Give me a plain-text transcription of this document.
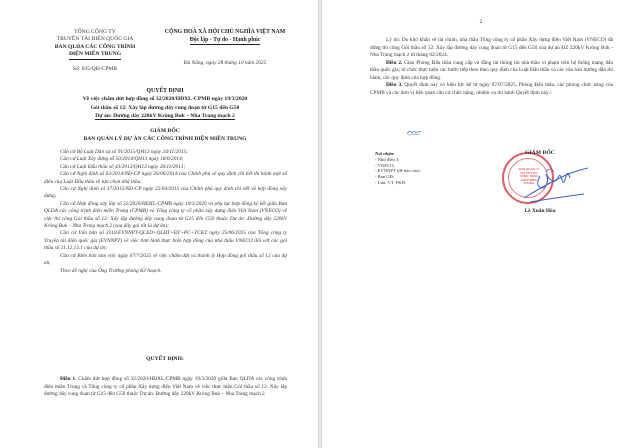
TỔNG CÔNG TY
TRUYỀN TẢI ĐIỆN QUỐC GIA
BAN QLDA CÁC CÔNG TRÌNH
ĐIỆN MIỀN TRUNG
Số: 835/QĐ-CPMB
CỘNG HOÀ XÃ HỘI CHỦ NGHĨA VIỆT NAM
Độc lập - Tự do - Hạnh phúc
Đà Nẵng, ngày 28 tháng 10 năm 2025
QUYẾT ĐỊNH
Về việc chấm dứt hợp đồng số 32/2020/HĐXL-CPMB ngày 19/3/2020
Gói thầu số 12: Xây lắp đường dây cung đoạn từ G15 đến G50
Dự án: Đường dây 220kV Krông Buk – Nha Trang mạch 2
GIÁM ĐỐC
BAN QUẢN LÝ DỰ ÁN CÁC CÔNG TRÌNH ĐIỆN MIỀN TRUNG

Căn cứ Bộ Luật Dân sự số 91/2015/QH13 ngày 24/11/2015;

Căn cứ Luật Xây dựng số 50/2014/QH13 ngày 18/6/2014;

Căn cứ Luật Đấu thầu số 43/2013/QH13 ngày 26/11/2013;

Căn cứ Nghị định số 63/2014/NĐ-CP ngày 26/06/2014 của Chính phủ về quy định chi tiết thi hành một số điều của Luật Đấu thầu về lựa chọn nhà thầu;

Căn cứ Nghị định số 37/2015/NĐ-CP ngày 22/04/2015 của Chính phủ quy định chi tiết về hợp đồng xây dựng;

Căn cứ Hợp đồng xây lắp số 32/2020/HĐXL-CPMB ngày 19/3/2020 và phụ lục hợp đồng ký kết giữa Ban QLDA các công trình điện miền Trung (CPMB) và Tổng công ty cổ phần xây dựng điện Việt Nam (VNECO) về việc thi công Gói thầu số 12: Xây lắp đường dây cung đoạn từ G15 đến G50 thuộc Dự án: Đường dây 220kV Krông Buk – Nha Trang mạch 2 (sau đây gọi tắt là dự án);

Căn cứ Văn bản số 3310/EVNNPT-QLXD+QLĐT+ĐT+PC+TCKT ngày 25/06/2025 của Tổng công ty Truyền tải điện quốc gia (EVNNPT) về việc tình hình thực hiện hợp đồng của nhà thầu VNECO đối với các gói thầu số 11,12,13.1 của dự án;

Căn cứ Biên bản làm việc ngày 07/7/2025 về việc chấm dứt và thanh lý Hợp đồng gói thầu số 12 của dự án;

Theo đề nghị của Ông Trưởng phòng Kế hoạch.

QUYẾT ĐỊNH:
Điều 1. Chấm dứt hợp đồng số 32/2020/HĐXL-CPMB ngày 19/3/2020 giữa Ban QLDA các công trình điện miền Trung và Tổng công ty cổ phần Xây dựng điện Việt Nam về việc thực hiện Gói thầu số 12: Xây lắp đường dây cung đoạn từ G15 đến G50 thuộc Dự án: Đường dây 220kV Krông Buk – Nha Trang mạch 2.
2

Lý do: Do khó khăn về tài chính, nhà thầu Tổng công ty cổ phần Xây dựng điện Việt Nam (VNECO) đã dừng thi công Gói thầu số 12: Xây lắp đường dây cung đoạn từ G15 đến G50 của dự án ĐZ 220kV Krông Buk - Nha Trang mạch 2 từ tháng 02/2024.

Điều 2. Giao Phòng Đấu thầu cung cấp và đăng tải thông tin nhà thầu vi phạm trên hệ thống mạng đấu thầu quốc gia; tổ chức thực hiện các bước tiếp theo theo quy định của Luật Đấu thầu và các văn bản hướng dẫn thi hành, các quy định của hợp đồng.

Điều 3. Quyết định này có hiệu lực kể từ ngày 07/07/2025. Phòng Đấu thầu, các phòng chức năng của CPMB và các đơn vị liên quan căn cứ chức năng, nhiệm vụ thi hành Quyết định này./.

Nơi nhận:
- Như điều 3;
- VNECO;
- EVNNPT (để báo cáo);
- Ban GĐ;
- Lưu: VT, PKH.
GIÁM ĐỐC
BAN QUẢN LÝ DỰ ÁN CÁC CÔNG TRÌNH ĐIỆN MIỀN TRUNG
Lê Xuân Hòa
